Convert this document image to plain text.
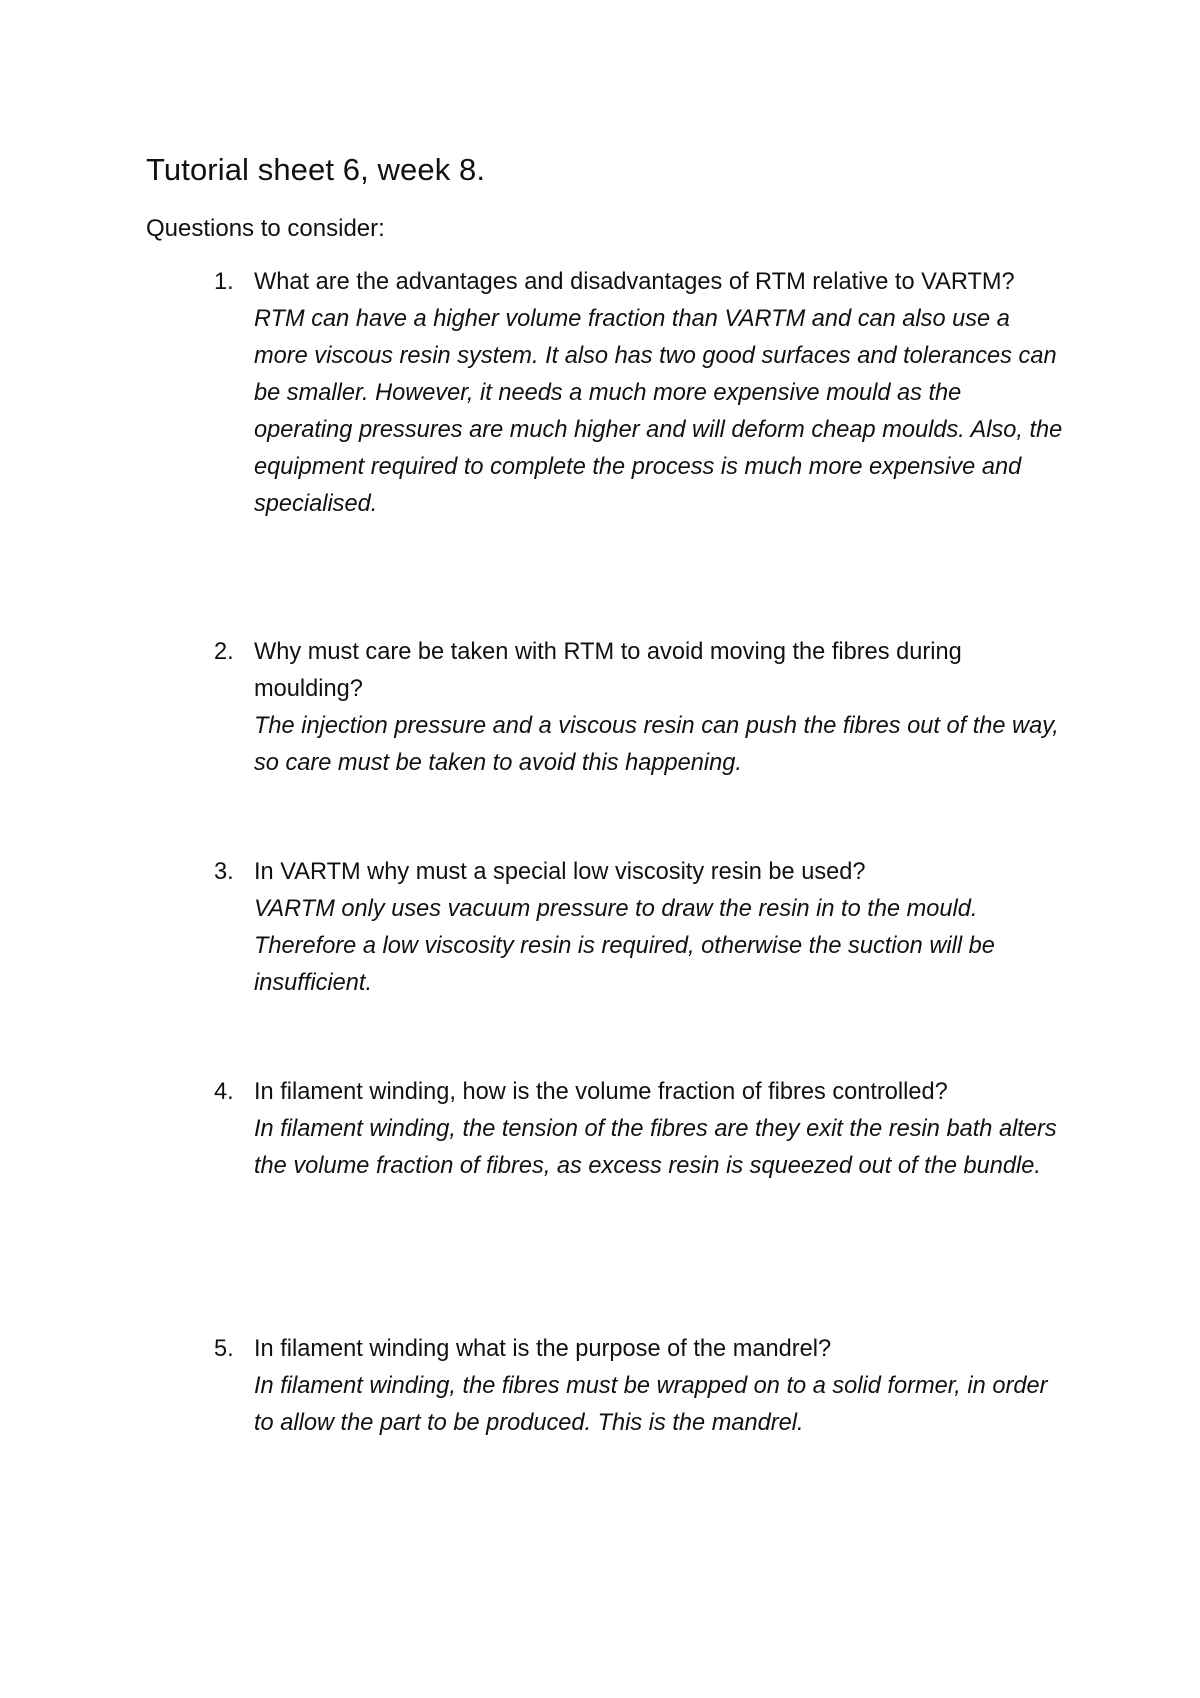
Tutorial sheet 6, week 8.
Questions to consider:
1. What are the advantages and disadvantages of RTM relative to VARTM?
RTM can have a higher volume fraction than VARTM and can also use a more viscous resin system. It also has two good surfaces and tolerances can be smaller. However, it needs a much more expensive mould as the operating pressures are much higher and will deform cheap moulds. Also, the equipment required to complete the process is much more expensive and specialised.
2. Why must care be taken with RTM to avoid moving the fibres during moulding?
The injection pressure and a viscous resin can push the fibres out of the way, so care must be taken to avoid this happening.
3. In VARTM why must a special low viscosity resin be used?
VARTM only uses vacuum pressure to draw the resin in to the mould. Therefore a low viscosity resin is required, otherwise the suction will be insufficient.
4. In filament winding, how is the volume fraction of fibres controlled?
In filament winding, the tension of the fibres are they exit the resin bath alters the volume fraction of fibres, as excess resin is squeezed out of the bundle.
5. In filament winding what is the purpose of the mandrel?
In filament winding, the fibres must be wrapped on to a solid former, in order to allow the part to be produced. This is the mandrel.
